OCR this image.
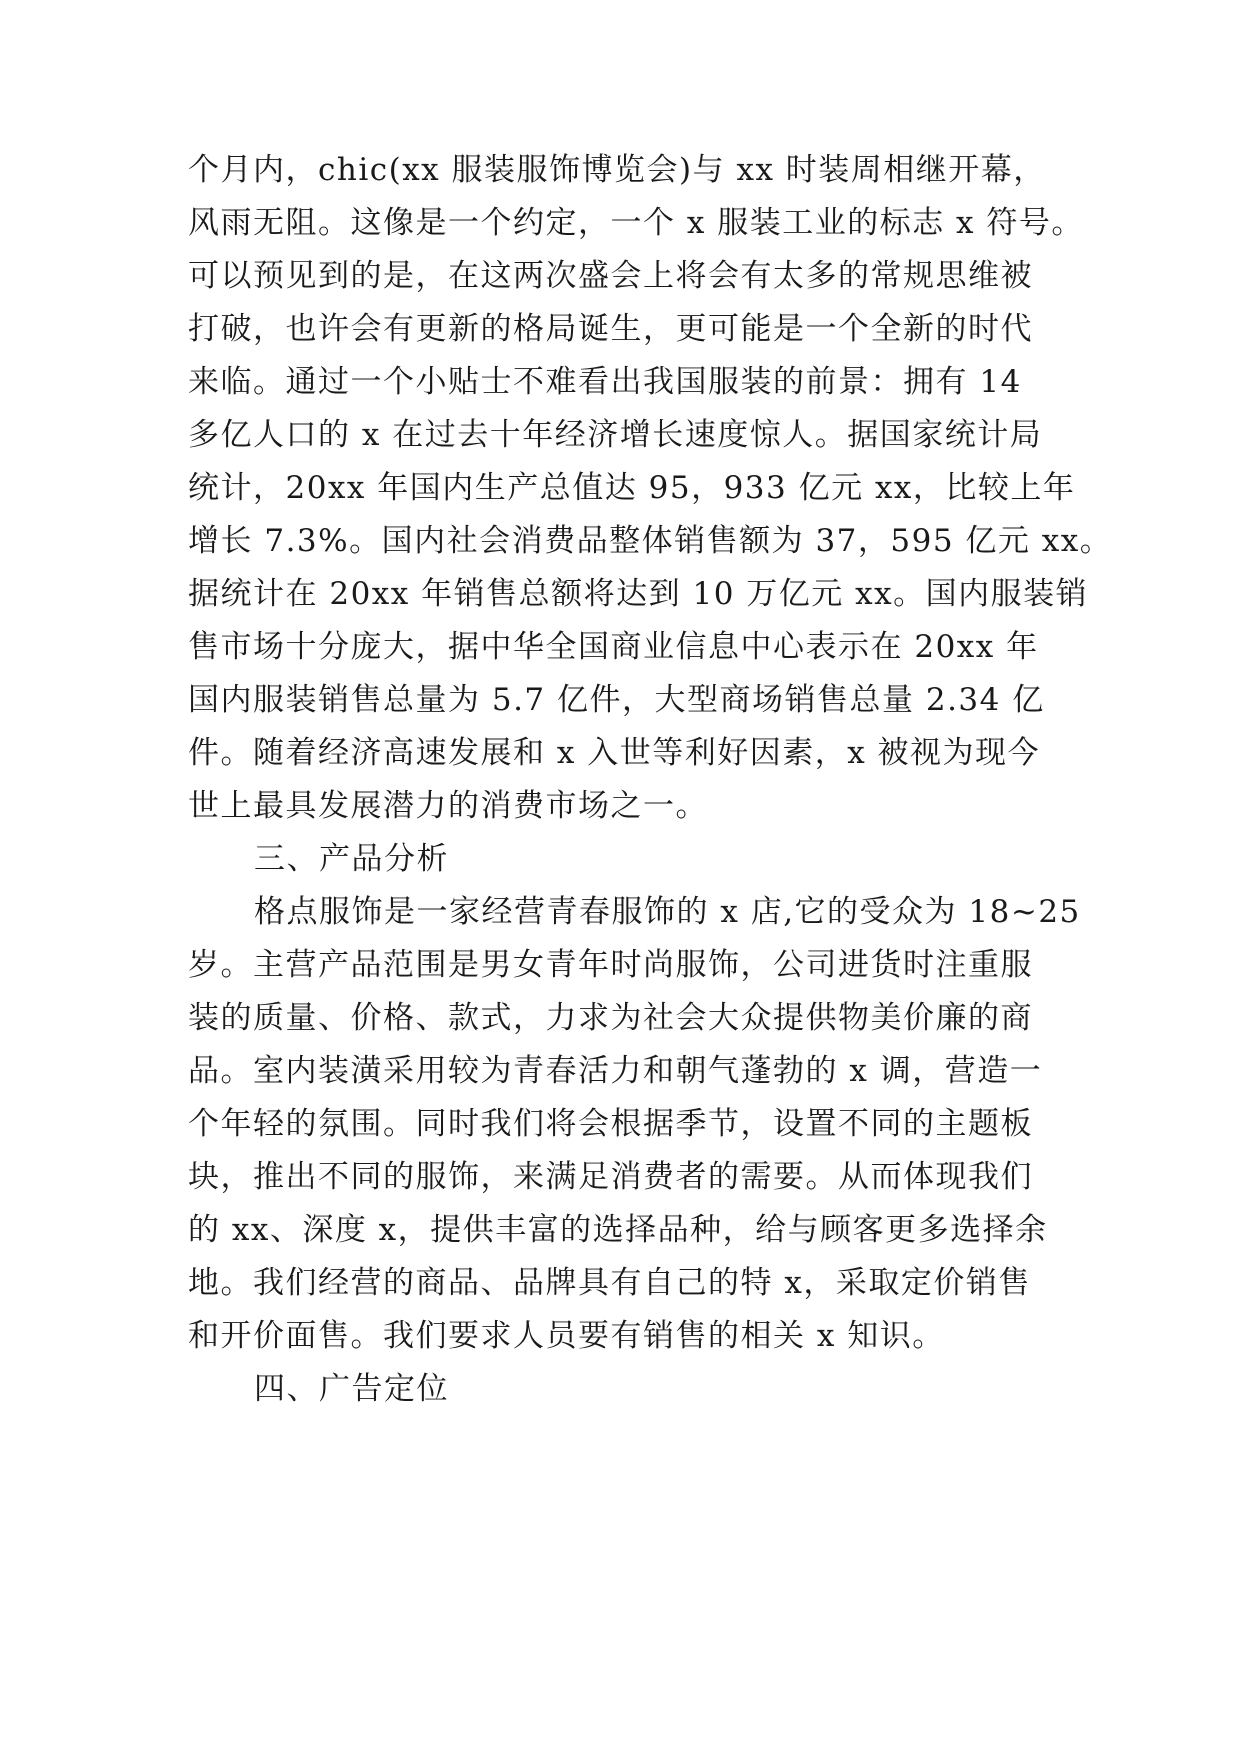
个月内，chic(xx 服装服饰博览会)与 xx 时装周相继开幕，
风雨无阻。这像是一个约定，一个 x 服装工业的标志 x 符号。
可以预见到的是，在这两次盛会上将会有太多的常规思维被
打破，也许会有更新的格局诞生，更可能是一个全新的时代
来临。通过一个小贴士不难看出我国服装的前景：拥有 14
多亿人口的 x 在过去十年经济增长速度惊人。据国家统计局
统计，20xx 年国内生产总值达 95，933 亿元 xx，比较上年
增长 7.3%。国内社会消费品整体销售额为 37，595 亿元 xx。
据统计在 20xx 年销售总额将达到 10 万亿元 xx。国内服装销
售市场十分庞大，据中华全国商业信息中心表示在 20xx 年
国内服装销售总量为 5.7 亿件，大型商场销售总量 2.34 亿
件。随着经济高速发展和 x 入世等利好因素，x 被视为现今
世上最具发展潜力的消费市场之一。
三、产品分析
格点服饰是一家经营青春服饰的 x 店,它的受众为 18~25
岁。主营产品范围是男女青年时尚服饰，公司进货时注重服
装的质量、价格、款式，力求为社会大众提供物美价廉的商
品。室内装潢采用较为青春活力和朝气蓬勃的 x 调，营造一
个年轻的氛围。同时我们将会根据季节，设置不同的主题板
块，推出不同的服饰，来满足消费者的需要。从而体现我们
的 xx、深度 x，提供丰富的选择品种，给与顾客更多选择余
地。我们经营的商品、品牌具有自己的特 x，采取定价销售
和开价面售。我们要求人员要有销售的相关 x 知识。
四、广告定位
